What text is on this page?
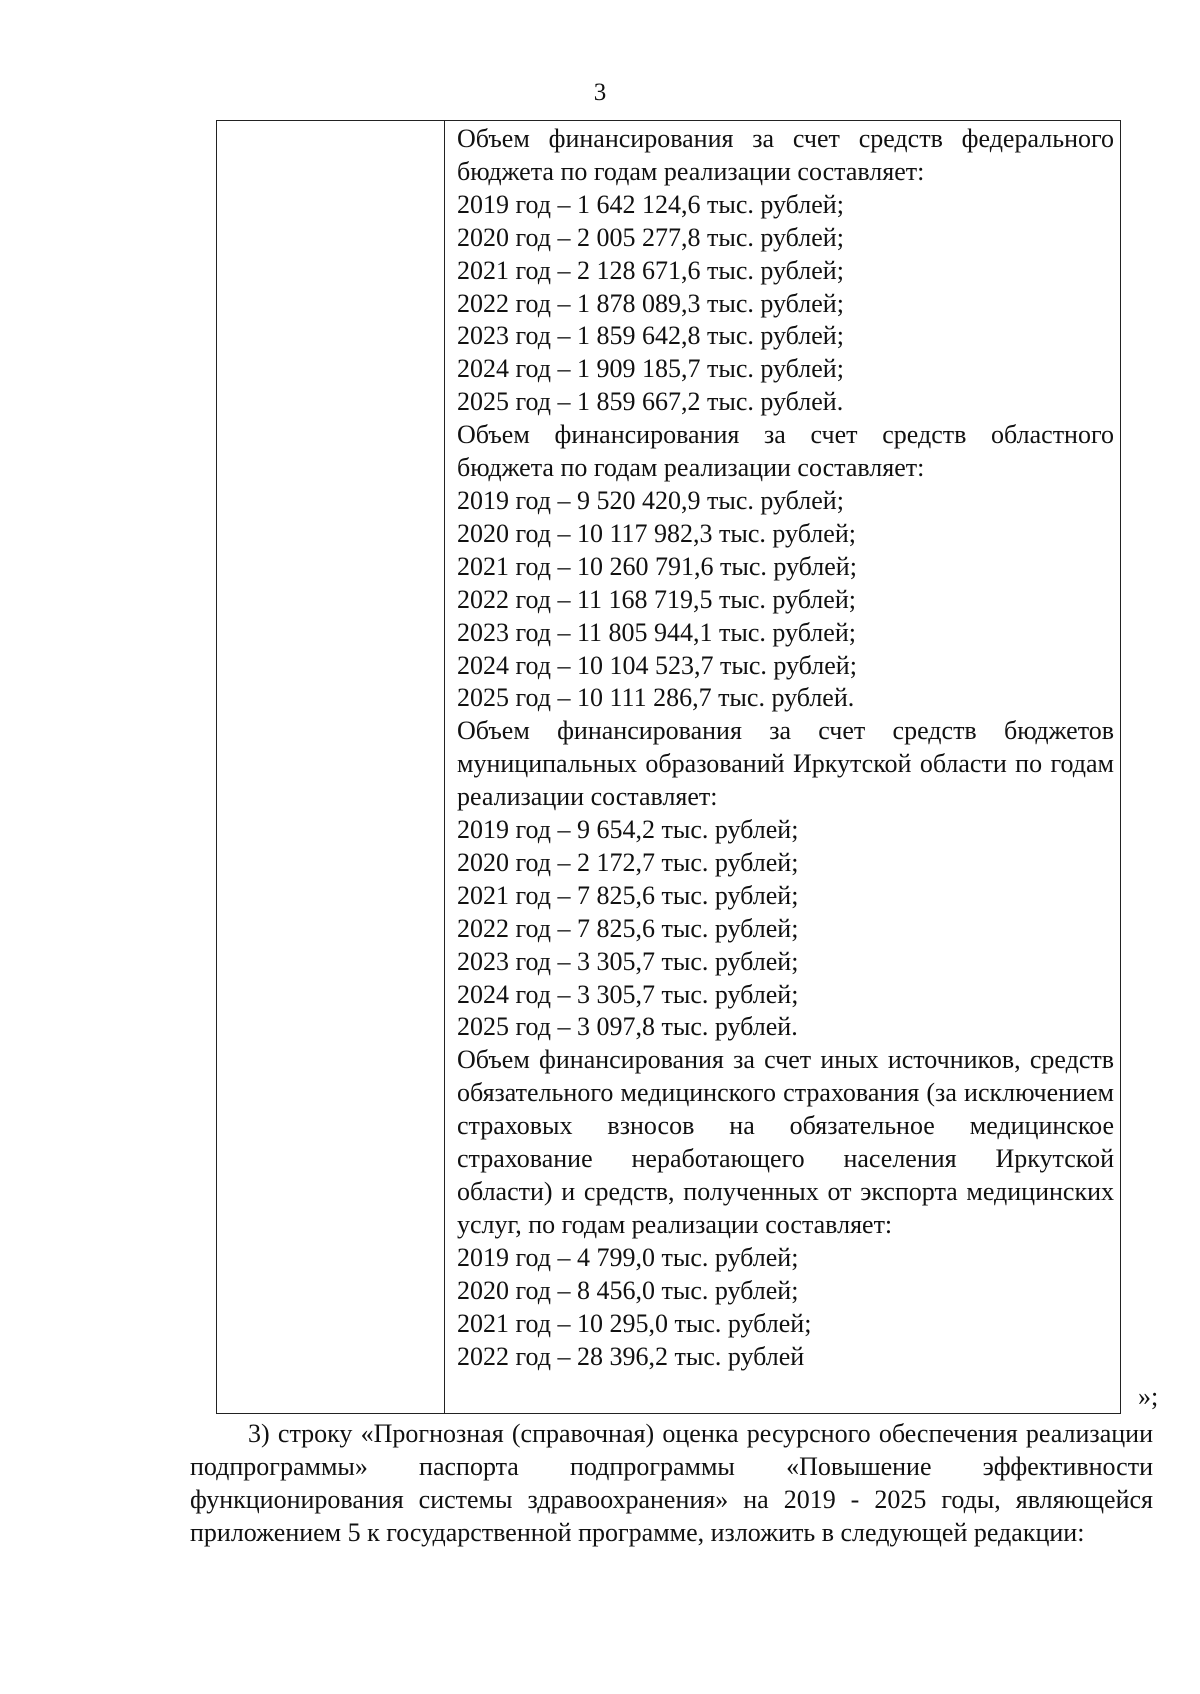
3

Объем финансирования за счет средств федерального бюджета по годам реализации составляет:
2019 год – 1 642 124,6 тыс. рублей;
2020 год – 2 005 277,8 тыс. рублей;
2021 год – 2 128 671,6 тыс. рублей;
2022 год – 1 878 089,3 тыс. рублей;
2023 год – 1 859 642,8 тыс. рублей;
2024 год – 1 909 185,7 тыс. рублей;
2025 год – 1 859 667,2 тыс. рублей.
Объем финансирования за счет средств областного бюджета по годам реализации составляет:
2019 год – 9 520 420,9 тыс. рублей;
2020 год – 10 117 982,3 тыс. рублей;
2021 год – 10 260 791,6 тыс. рублей;
2022 год – 11 168 719,5 тыс. рублей;
2023 год – 11 805 944,1 тыс. рублей;
2024 год – 10 104 523,7 тыс. рублей;
2025 год – 10 111 286,7 тыс. рублей.
Объем финансирования за счет средств бюджетов муниципальных образований Иркутской области по годам реализации составляет:
2019 год – 9 654,2 тыс. рублей;
2020 год – 2 172,7 тыс. рублей;
2021 год – 7 825,6 тыс. рублей;
2022 год – 7 825,6 тыс. рублей;
2023 год – 3 305,7 тыс. рублей;
2024 год – 3 305,7 тыс. рублей;
2025 год – 3 097,8 тыс. рублей.
Объем финансирования за счет иных источников, средств обязательного медицинского страхования (за исключением страховых взносов на обязательное медицинское страхование неработающего населения Иркутской области) и средств, полученных от экспорта медицинских услуг, по годам реализации составляет:
2019 год – 4 799,0 тыс. рублей;
2020 год – 8 456,0 тыс. рублей;
2021 год – 10 295,0 тыс. рублей;
2022 год – 28 396,2 тыс. рублей
»;
3) строку «Прогнозная (справочная) оценка ресурсного обеспечения реализации подпрограммы» паспорта подпрограммы «Повышение эффективности функционирования системы здравоохранения» на 2019 - 2025 годы, являющейся приложением 5 к государственной программе, изложить в следующей редакции:
